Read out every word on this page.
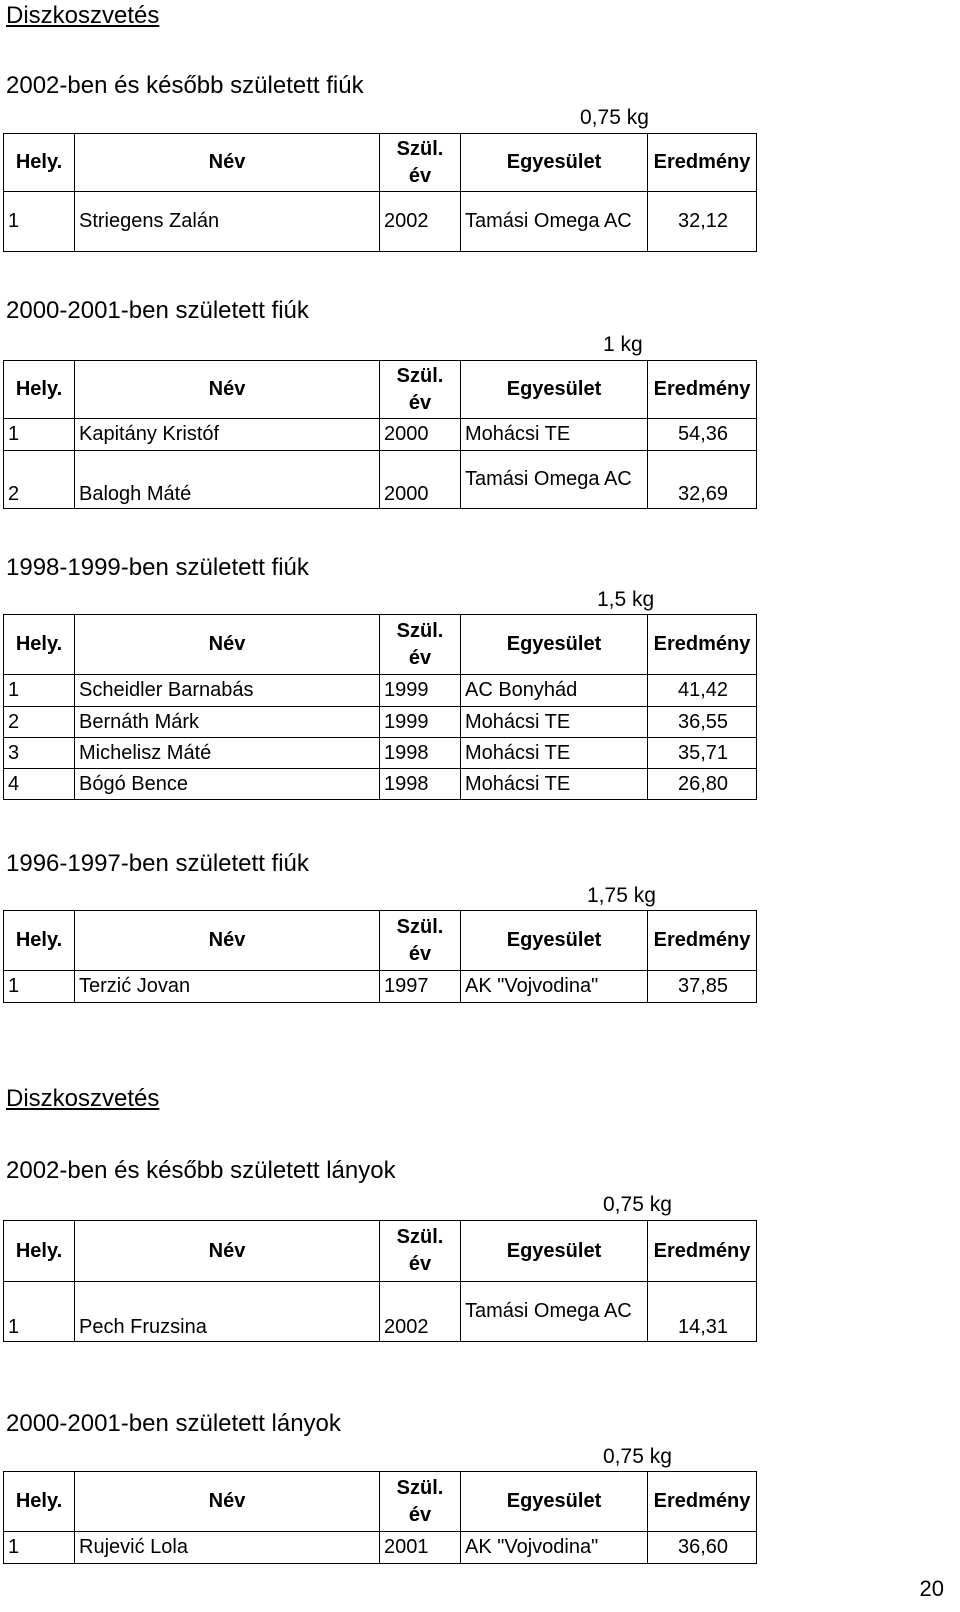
Diszkoszvetés
2002-ben és később született fiúk
0,75 kg
Hely.	Név	Szül. év	Egyesület	Eredmény
1	Striegens Zalán	2002	Tamási Omega AC	32,12
2000-2001-ben született fiúk
1 kg
Hely.	Név	Szül. év	Egyesület	Eredmény
1	Kapitány Kristóf	2000	Mohácsi TE	54,36
2	Balogh Máté	2000	Tamási Omega AC	32,69
1998-1999-ben született fiúk
1,5 kg
Hely.	Név	Szül. év	Egyesület	Eredmény
1	Scheidler Barnabás	1999	AC Bonyhád	41,42
2	Bernáth Márk	1999	Mohácsi TE	36,55
3	Michelisz Máté	1998	Mohácsi TE	35,71
4	Bógó Bence	1998	Mohácsi TE	26,80
1996-1997-ben született fiúk
1,75 kg
Hely.	Név	Szül. év	Egyesület	Eredmény
1	Terzić Jovan	1997	AK "Vojvodina"	37,85
Diszkoszvetés
2002-ben és később született lányok
0,75 kg
Hely.	Név	Szül. év	Egyesület	Eredmény
1	Pech Fruzsina	2002	Tamási Omega AC	14,31
2000-2001-ben született lányok
0,75 kg
Hely.	Név	Szül. év	Egyesület	Eredmény
1	Rujević Lola	2001	AK "Vojvodina"	36,60
20
